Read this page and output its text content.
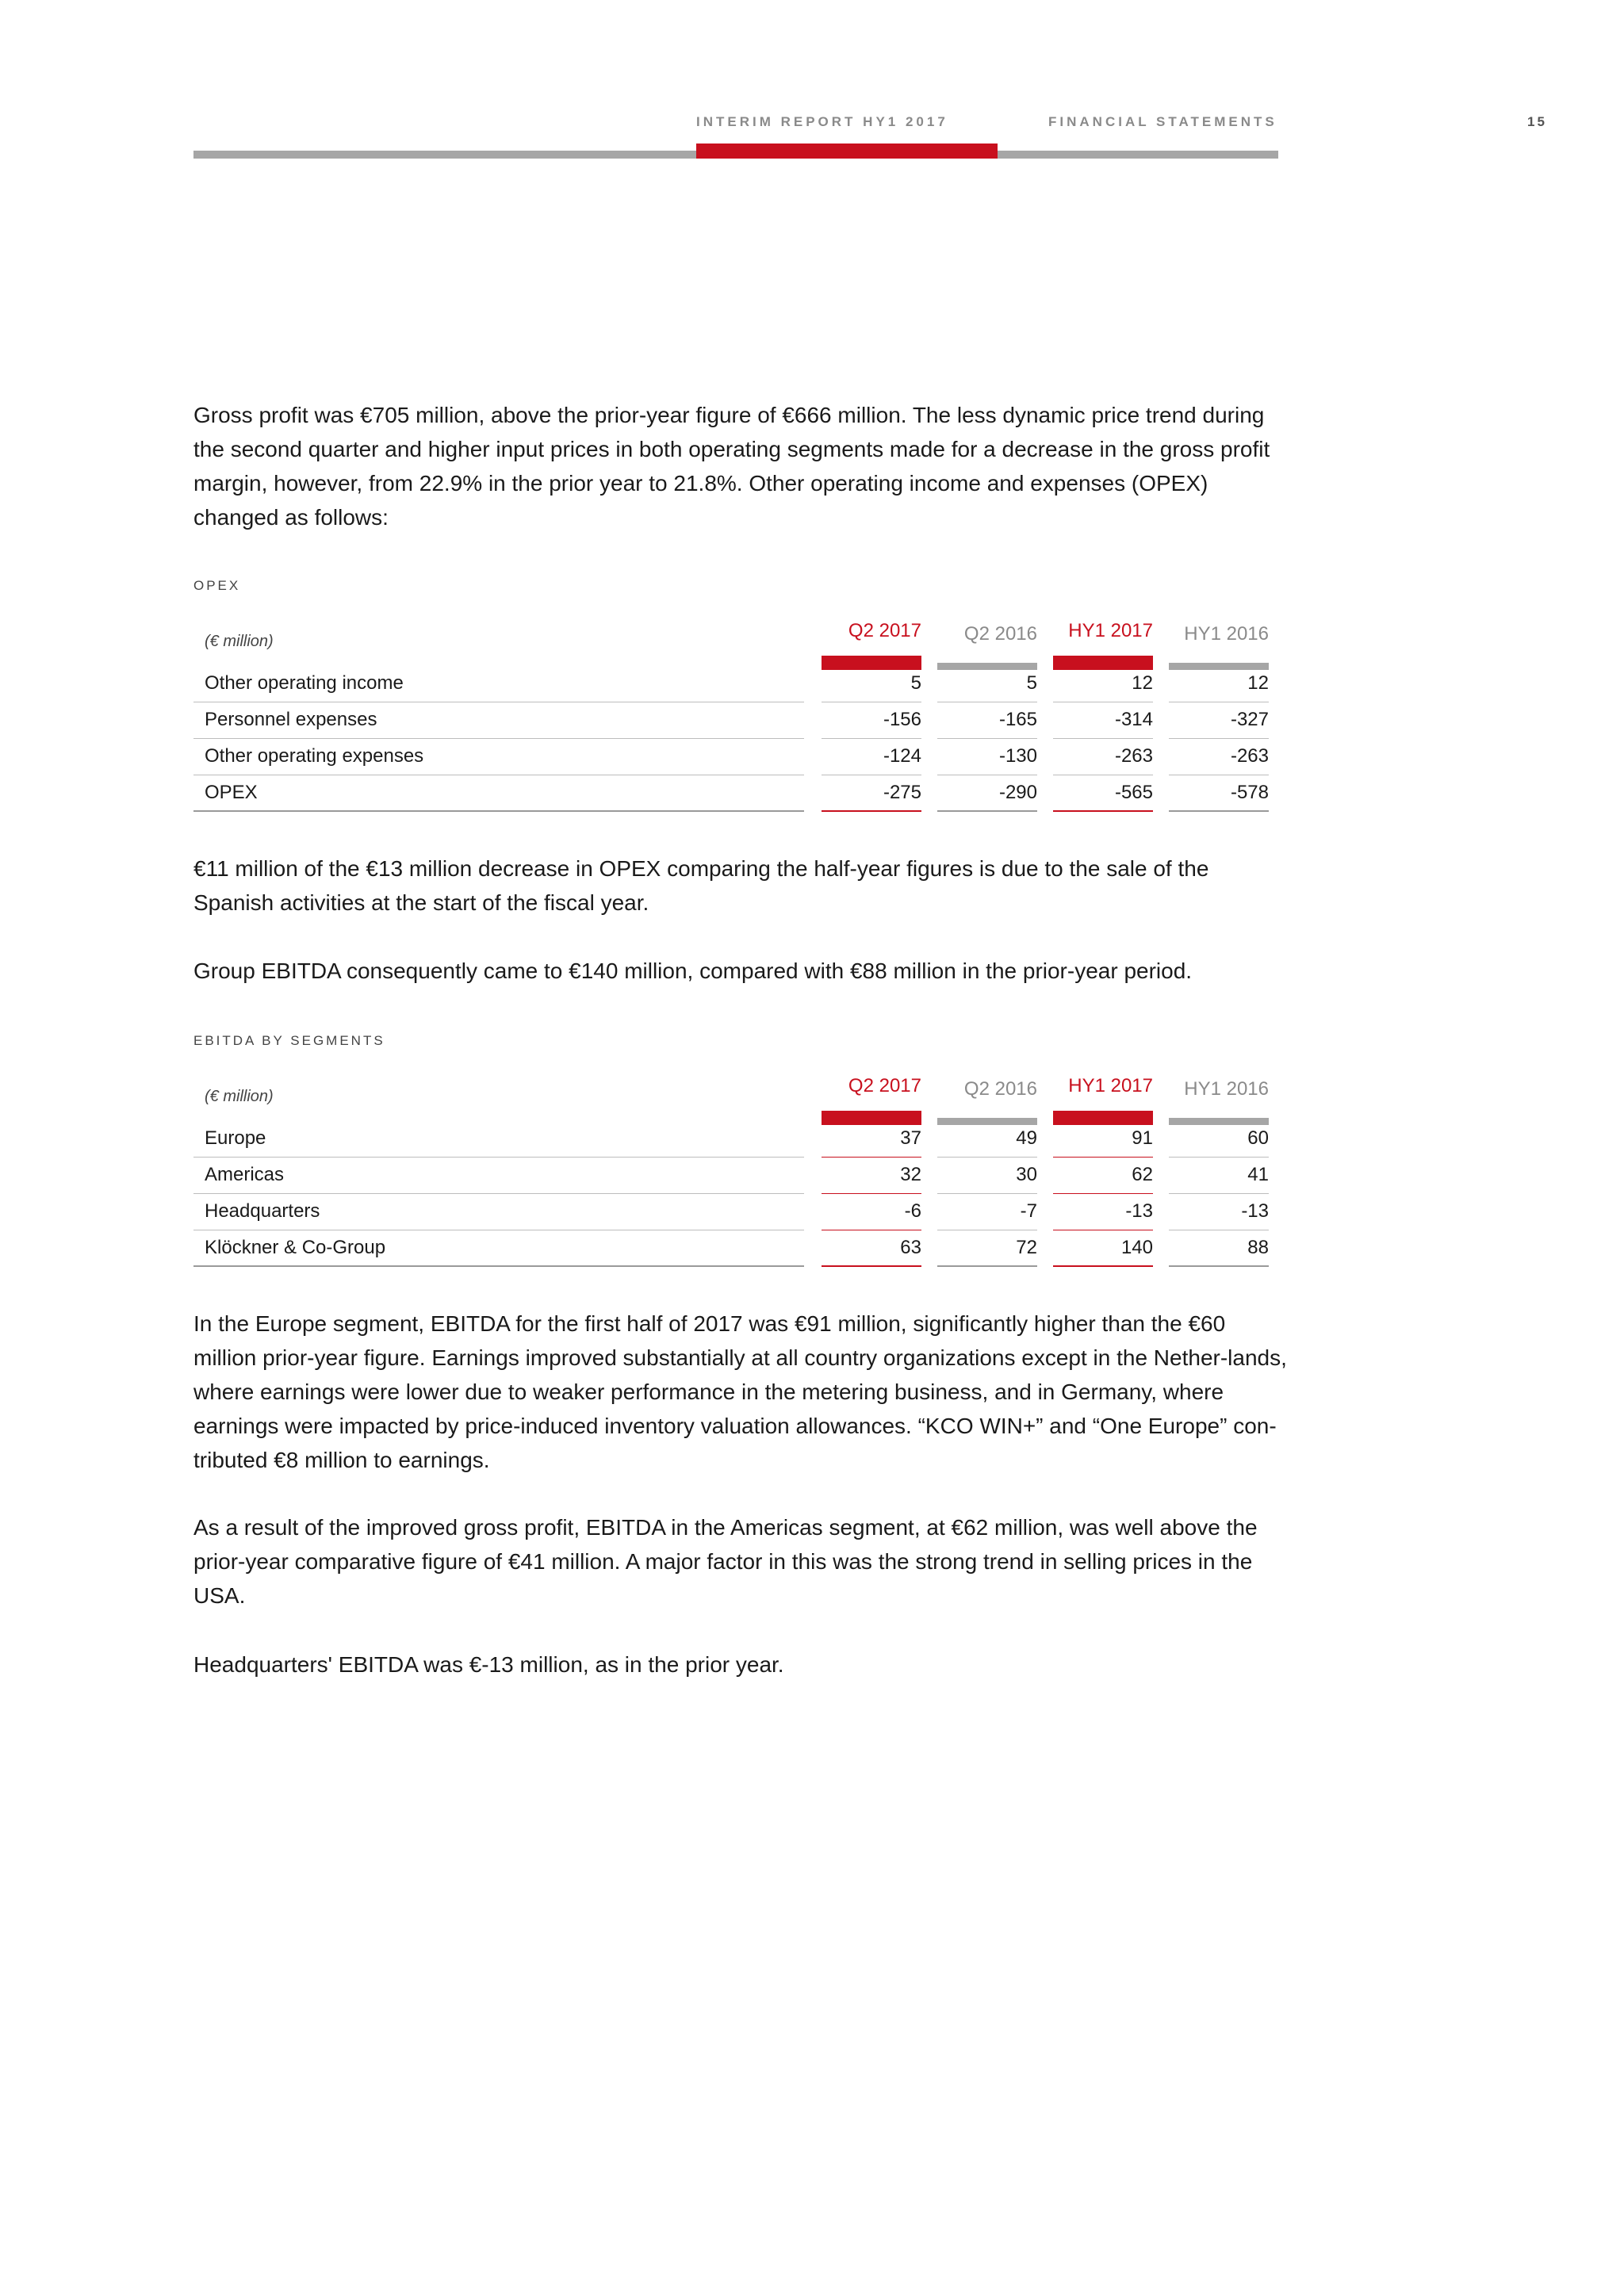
INTERIM REPORT HY1 2017	FINANCIAL STATEMENTS	15
Gross profit was €705 million, above the prior-year figure of €666 million. The less dynamic price trend during the second quarter and higher input prices in both operating segments made for a decrease in the gross profit margin, however, from 22.9% in the prior year to 21.8%. Other operating income and expenses (OPEX) changed as follows:
OPEX
(€ million)	Q2 2017	Q2 2016	HY1 2017	HY1 2016
Other operating income	5	5	12	12
Personnel expenses	-156	-165	-314	-327
Other operating expenses	-124	-130	-263	-263
OPEX	-275	-290	-565	-578
€11 million of the €13 million decrease in OPEX comparing the half-year figures is due to the sale of the Spanish activities at the start of the fiscal year.
Group EBITDA consequently came to €140 million, compared with €88 million in the prior-year period.
EBITDA BY SEGMENTS
(€ million)	Q2 2017	Q2 2016	HY1 2017	HY1 2016
Europe	37	49	91	60
Americas	32	30	62	41
Headquarters	-6	-7	-13	-13
Klöckner & Co-Group	63	72	140	88
In the Europe segment, EBITDA for the first half of 2017 was €91 million, significantly higher than the €60 million prior-year figure. Earnings improved substantially at all country organizations except in the Nether-lands, where earnings were lower due to weaker performance in the metering business, and in Germany, where earnings were impacted by price-induced inventory valuation allowances. “KCO WIN+” and “One Europe” con-tributed €8 million to earnings.
As a result of the improved gross profit, EBITDA in the Americas segment, at €62 million, was well above the prior-year comparative figure of €41 million. A major factor in this was the strong trend in selling prices in the USA.
Headquarters' EBITDA was €-13 million, as in the prior year.
